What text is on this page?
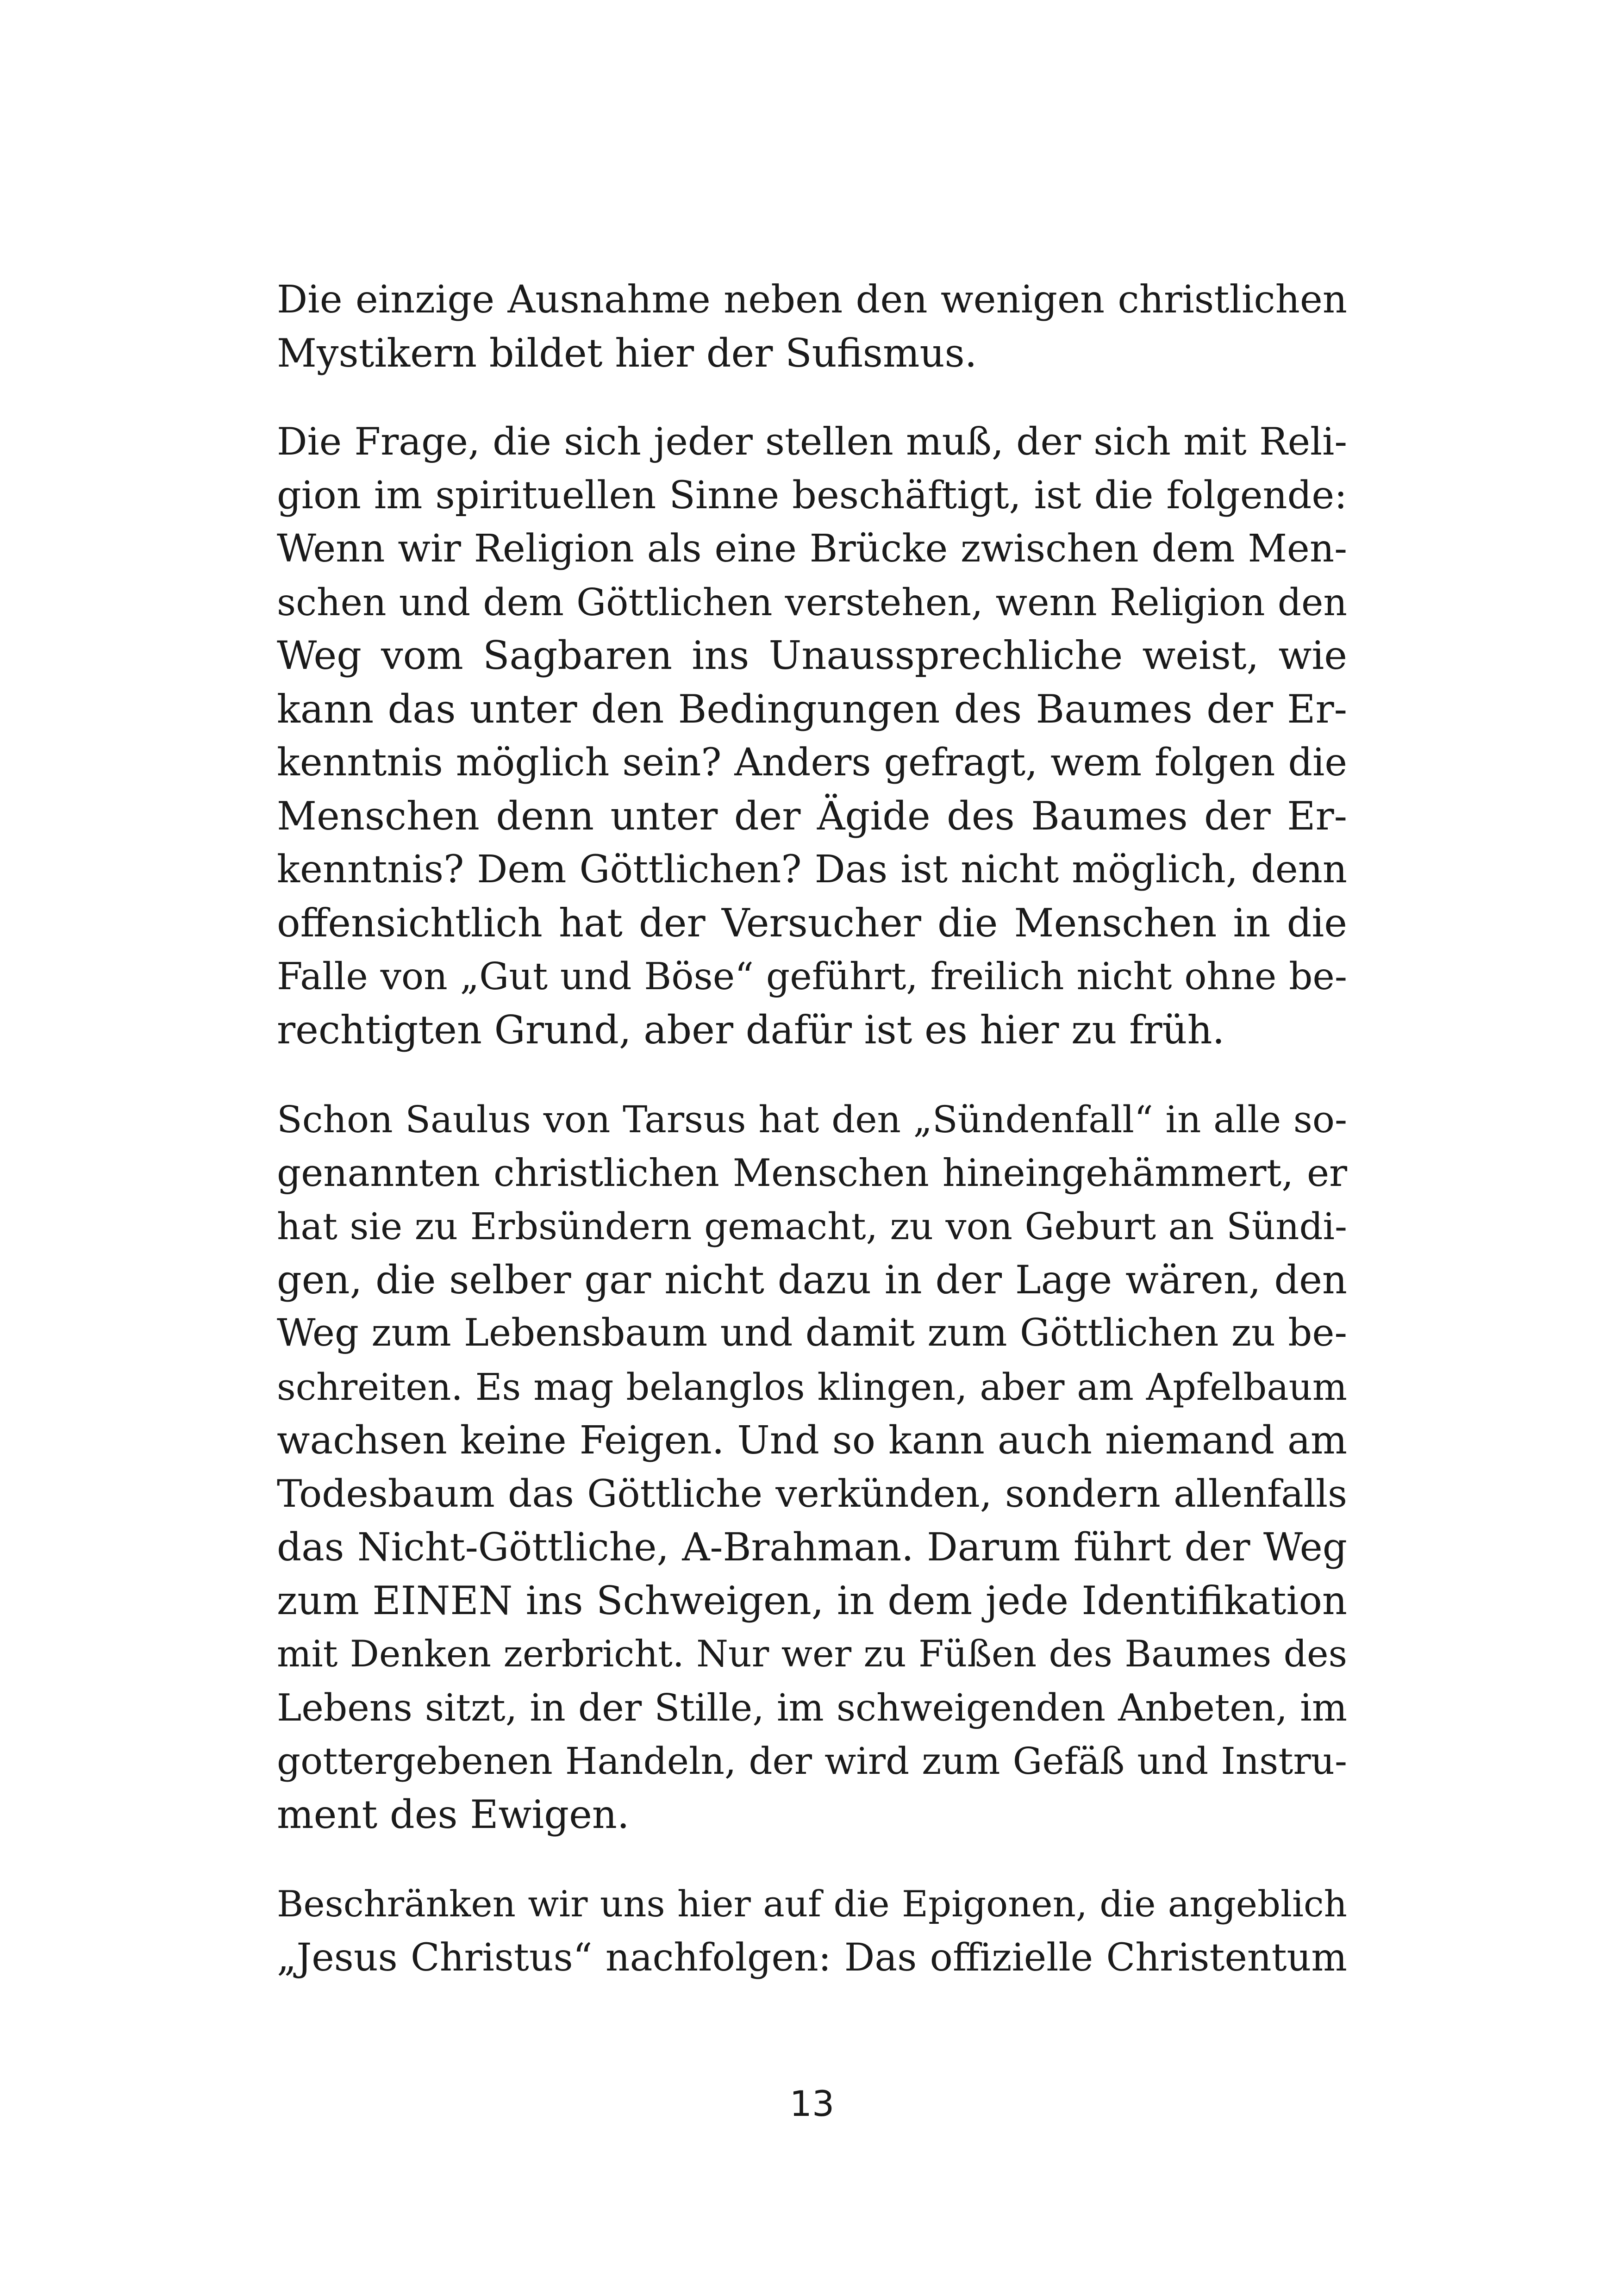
Die einzige Ausnahme neben den wenigen christlichen
Mystikern bildet hier der Sufismus.
Die Frage, die sich jeder stellen muß, der sich mit Reli-
gion im spirituellen Sinne beschäftigt, ist die folgende:
Wenn wir Religion als eine Brücke zwischen dem Men-
schen und dem Göttlichen verstehen, wenn Religion den
Weg vom Sagbaren ins Unaussprechliche weist, wie
kann das unter den Bedingungen des Baumes der Er-
kenntnis möglich sein? Anders gefragt, wem folgen die
Menschen denn unter der Ägide des Baumes der Er-
kenntnis? Dem Göttlichen? Das ist nicht möglich, denn
offensichtlich hat der Versucher die Menschen in die
Falle von „Gut und Böse“ geführt, freilich nicht ohne be-
rechtigten Grund, aber dafür ist es hier zu früh.
Schon Saulus von Tarsus hat den „Sündenfall“ in alle so-
genannten christlichen Menschen hineingehämmert, er
hat sie zu Erbsündern gemacht, zu von Geburt an Sündi-
gen, die selber gar nicht dazu in der Lage wären, den
Weg zum Lebensbaum und damit zum Göttlichen zu be-
schreiten. Es mag belanglos klingen, aber am Apfelbaum
wachsen keine Feigen. Und so kann auch niemand am
Todesbaum das Göttliche verkünden, sondern allenfalls
das Nicht-Göttliche, A-Brahman. Darum führt der Weg
zum EINEN ins Schweigen, in dem jede Identifikation
mit Denken zerbricht. Nur wer zu Füßen des Baumes des
Lebens sitzt, in der Stille, im schweigenden Anbeten, im
gottergebenen Handeln, der wird zum Gefäß und Instru-
ment des Ewigen.
Beschränken wir uns hier auf die Epigonen, die angeblich
„Jesus Christus“ nachfolgen: Das offizielle Christentum
13
